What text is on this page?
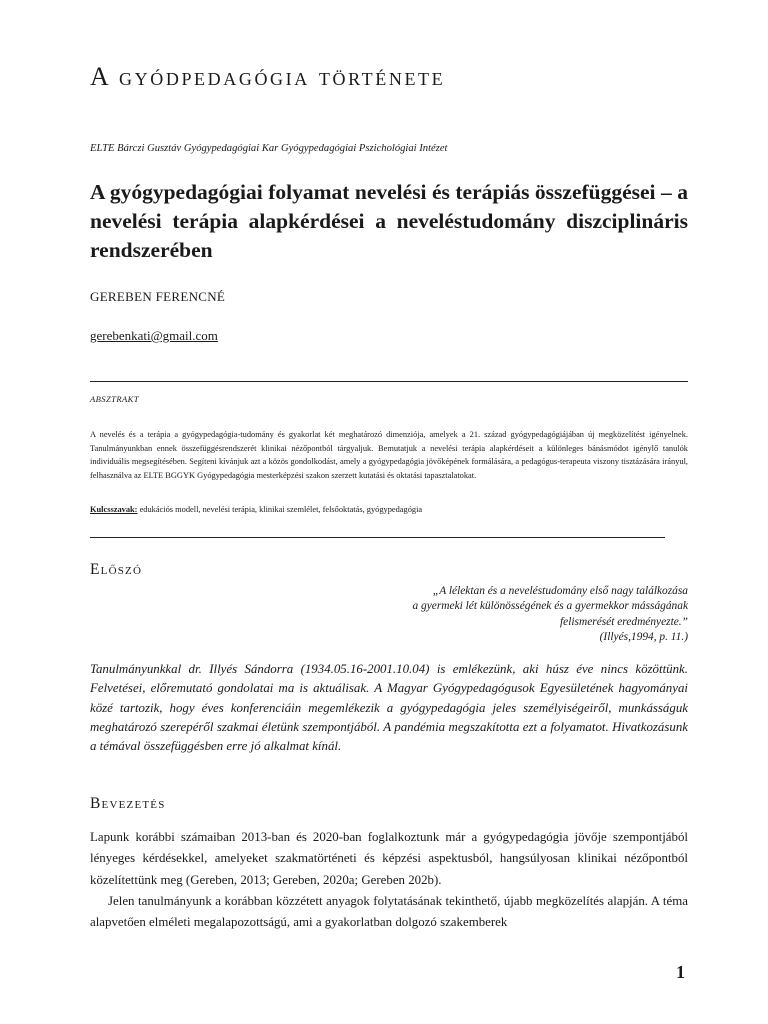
A gyódpedagógia története
ELTE Bárczi Gusztáv Gyógypedagógiai Kar Gyógypedagógiai Pszichológiai Intézet
A gyógypedagógiai folyamat nevelési és terápiás összefüggései – a nevelési terápia alapkérdései a neveléstudomány diszciplináris rendszerében
GEREBEN FERENCNÉ
gerebenkati@gmail.com
ABSZTRAKT
A nevelés és a terápia a gyógypedagógia-tudomány és gyakorlat két meghatározó dimenziója, amelyek a 21. század gyógypedagógiájában új megközelítést igényelnek. Tanulmányunkban ennek összefüggésrendszerét klinikai nézőpontból tárgyaljuk. Bemutatjuk a nevelési terápia alapkérdéseit a különleges bánásmódot igénylő tanulók individuális megsegítésében. Segíteni kívánjuk azt a közös gondolkodást, amely a gyógypedagógia jövőképének formálására, a pedagógus-terapeuta viszony tisztázására irányul, felhasználva az ELTE BGGYK Gyógypedagógia mesterképzési szakon szerzett kutatási és oktatási tapasztalatokat.
Kulcsszavak: edukációs modell, nevelési terápia, klinikai szemlélet, felsőoktatás, gyógypedagógia
Előszó
„A lélektan és a neveléstudomány első nagy találkozása
a gyermeki lét különösségének és a gyermekkor másságának
felismerését eredményezte.”
(Illyés,1994, p. 11.)
Tanulmányunkkal dr. Illyés Sándorra (1934.05.16-2001.10.04) is emlékezünk, aki húsz éve nincs közöttünk. Felvetései, előremutató gondolatai ma is aktuálisak. A Magyar Gyógypedagógusok Egyesületének hagyományai közé tartozik, hogy éves konferenciáin megemlékezik a gyógypedagógia jeles személyiségeiről, munkásságuk meghatározó szerepéről szakmai életünk szempontjából. A pandémia megszakította ezt a folyamatot. Hivatkozásunk a témával összefüggésben erre jó alkalmat kínál.
Bevezetés

Lapunk korábbi számaiban 2013-ban és 2020-ban foglalkoztunk már a gyógypedagógia jövője szempontjából lényeges kérdésekkel, amelyeket szakmatörténeti és képzési aspektusból, hangsúlyosan klinikai nézőpontból közelítettünk meg (Gereben, 2013; Gereben, 2020a; Gereben 202b).

Jelen tanulmányunk a korábban közzétett anyagok folytatásának tekinthető, újabb megközelítés alapján. A téma alapvetően elméleti megalapozottságú, ami a gyakorlatban dolgozó szakemberek

1
